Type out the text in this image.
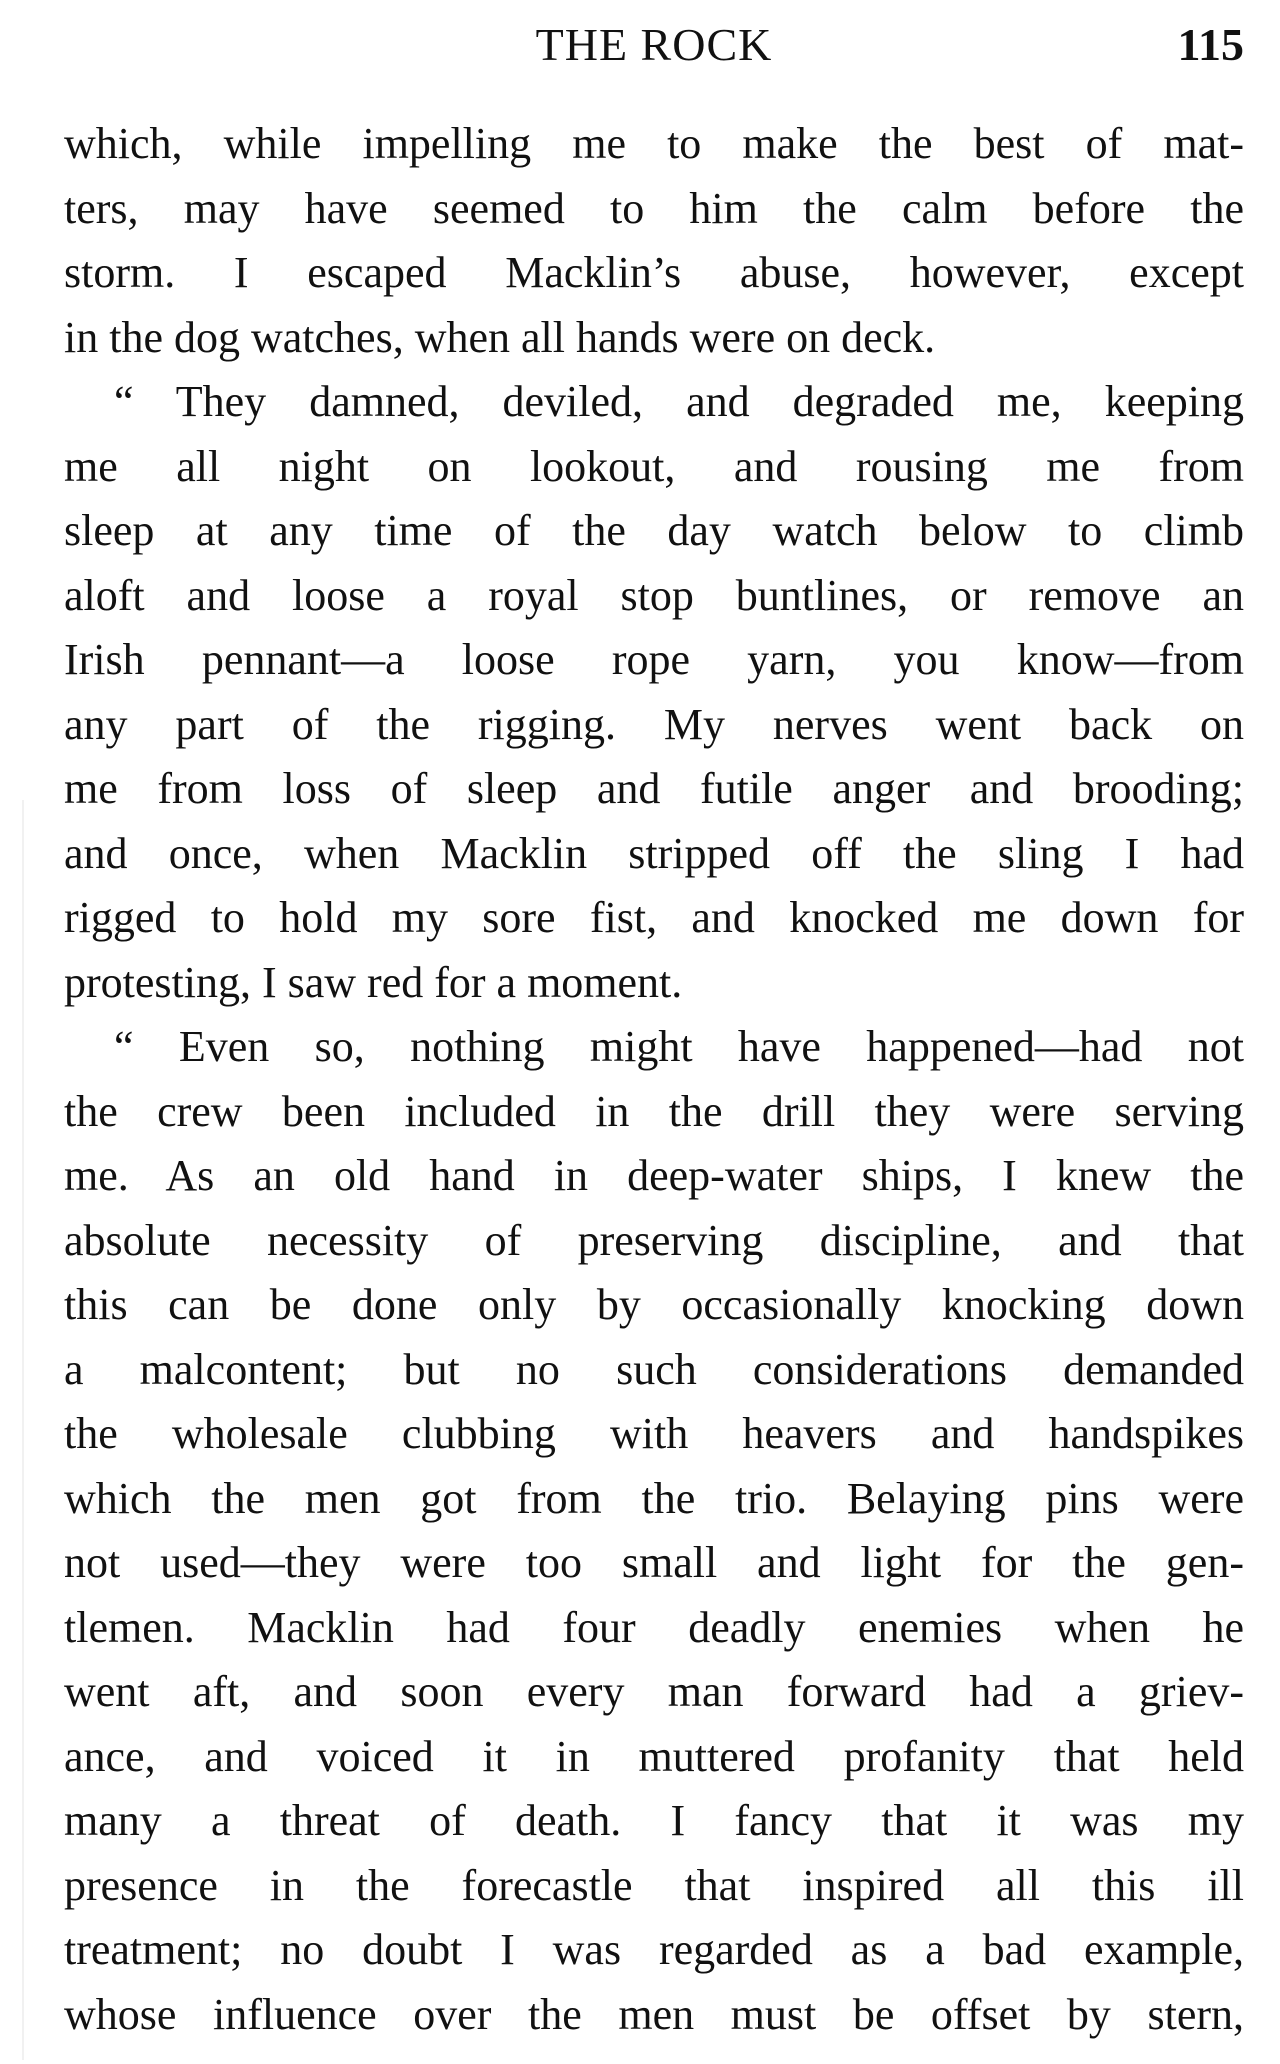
THE ROCK	115
which, while impelling me to make the best of mat-
ters, may have seemed to him the calm before the
storm. I escaped Macklin’s abuse, however, except
in the dog watches, when all hands were on deck.
“ They damned, deviled, and degraded me, keeping
me all night on lookout, and rousing me from
sleep at any time of the day watch below to climb
aloft and loose a royal stop buntlines, or remove an
Irish pennant—a loose rope yarn, you know—from
any part of the rigging. My nerves went back on
me from loss of sleep and futile anger and brooding;
and once, when Macklin stripped off the sling I had
rigged to hold my sore fist, and knocked me down for
protesting, I saw red for a moment.
“ Even so, nothing might have happened—had not
the crew been included in the drill they were serving
me. As an old hand in deep-water ships, I knew the
absolute necessity of preserving discipline, and that
this can be done only by occasionally knocking down
a malcontent; but no such considerations demanded
the wholesale clubbing with heavers and handspikes
which the men got from the trio. Belaying pins were
not used—they were too small and light for the gen-
tlemen. Macklin had four deadly enemies when he
went aft, and soon every man forward had a griev-
ance, and voiced it in muttered profanity that held
many a threat of death. I fancy that it was my
presence in the forecastle that inspired all this ill
treatment; no doubt I was regarded as a bad example,
whose influence over the men must be offset by stern,
